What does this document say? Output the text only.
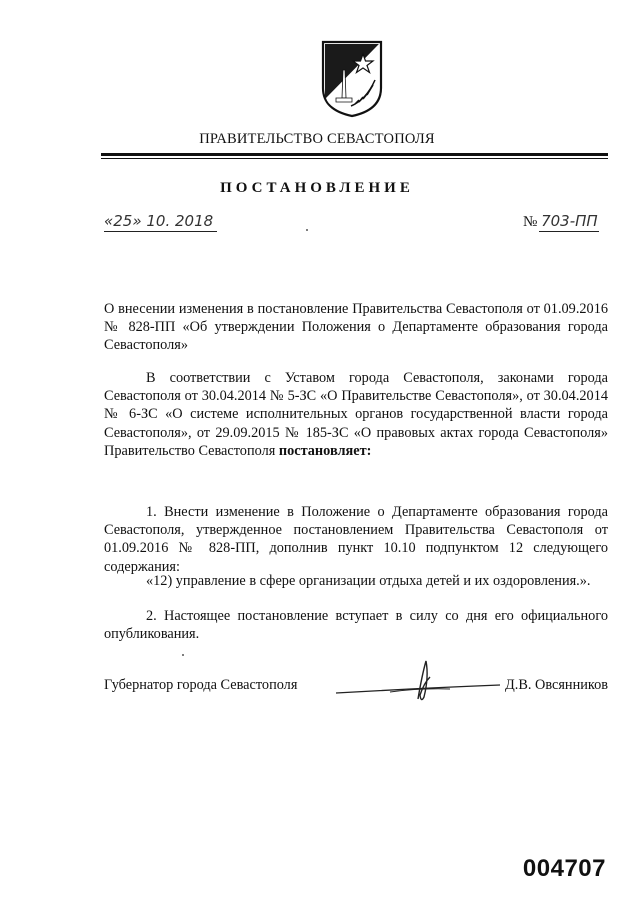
ПРАВИТЕЛЬСТВО СЕВАСТОПОЛЯ
ПОСТАНОВЛЕНИЕ
«25» 10. 2018	№ 703-ПП

О внесении изменения в постановление Правительства Севастополя от 01.09.2016 № 828-ПП «Об утверждении Положения о Департаменте образования города Севастополя»

В соответствии с Уставом города Севастополя, законами города Севастополя от 30.04.2014 № 5-ЗС «О Правительстве Севастополя», от 30.04.2014 № 6-ЗС «О системе исполнительных органов государственной власти города Севастополя», от 29.09.2015 № 185-ЗС «О правовых актах города Севастополя» Правительство Севастополя постановляет:

1. Внести изменение в Положение о Департаменте образования города Севастополя, утвержденное постановлением Правительства Севастополя от 01.09.2016 № 828-ПП, дополнив пункт 10.10 подпунктом 12 следующего содержания:

«12) управление в сфере организации отдыха детей и их оздоровления.».

2. Настоящее постановление вступает в силу со дня его официального опубликования.

Губернатор города Севастополя	Д.В. Овсянников
004707
